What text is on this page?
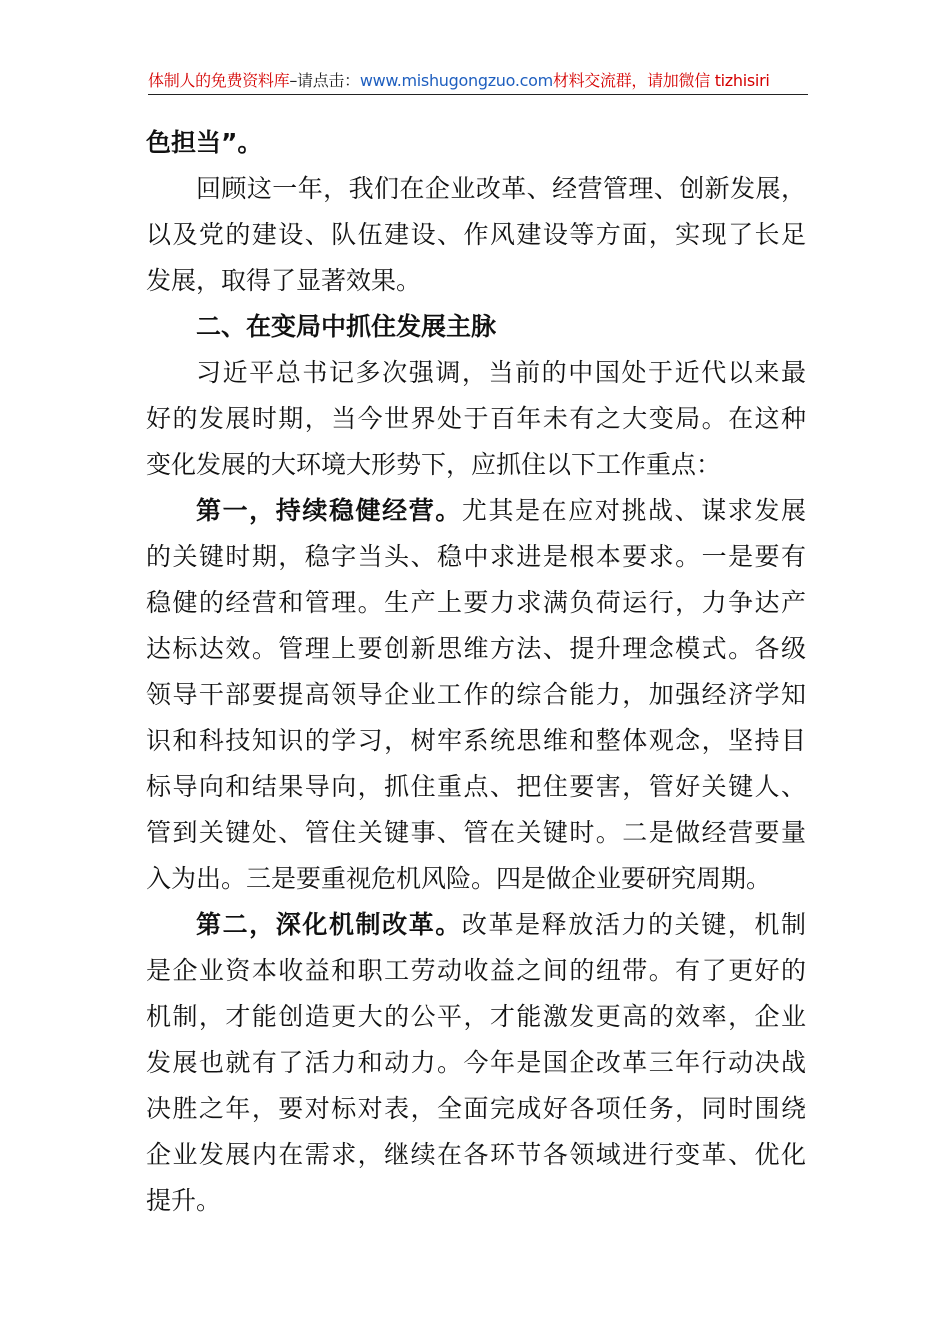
体制人的免费资料库–请点击：www.mishugongzuo.com材料交流群，请加微信 tizhisiri
色担当”。
回顾这一年，我们在企业改革、经营管理、创新发展，
以及党的建设、队伍建设、作风建设等方面，实现了长足
发展，取得了显著效果。
二、在变局中抓住发展主脉
习近平总书记多次强调，当前的中国处于近代以来最
好的发展时期，当今世界处于百年未有之大变局。在这种
变化发展的大环境大形势下，应抓住以下工作重点：
第一，持续稳健经营。尤其是在应对挑战、谋求发展
的关键时期，稳字当头、稳中求进是根本要求。一是要有
稳健的经营和管理。生产上要力求满负荷运行，力争达产
达标达效。管理上要创新思维方法、提升理念模式。各级
领导干部要提高领导企业工作的综合能力，加强经济学知
识和科技知识的学习，树牢系统思维和整体观念，坚持目
标导向和结果导向，抓住重点、把住要害，管好关键人、
管到关键处、管住关键事、管在关键时。二是做经营要量
入为出。三是要重视危机风险。四是做企业要研究周期。
第二，深化机制改革。改革是释放活力的关键，机制
是企业资本收益和职工劳动收益之间的纽带。有了更好的
机制，才能创造更大的公平，才能激发更高的效率，企业
发展也就有了活力和动力。今年是国企改革三年行动决战
决胜之年，要对标对表，全面完成好各项任务，同时围绕
企业发展内在需求，继续在各环节各领域进行变革、优化
提升。
